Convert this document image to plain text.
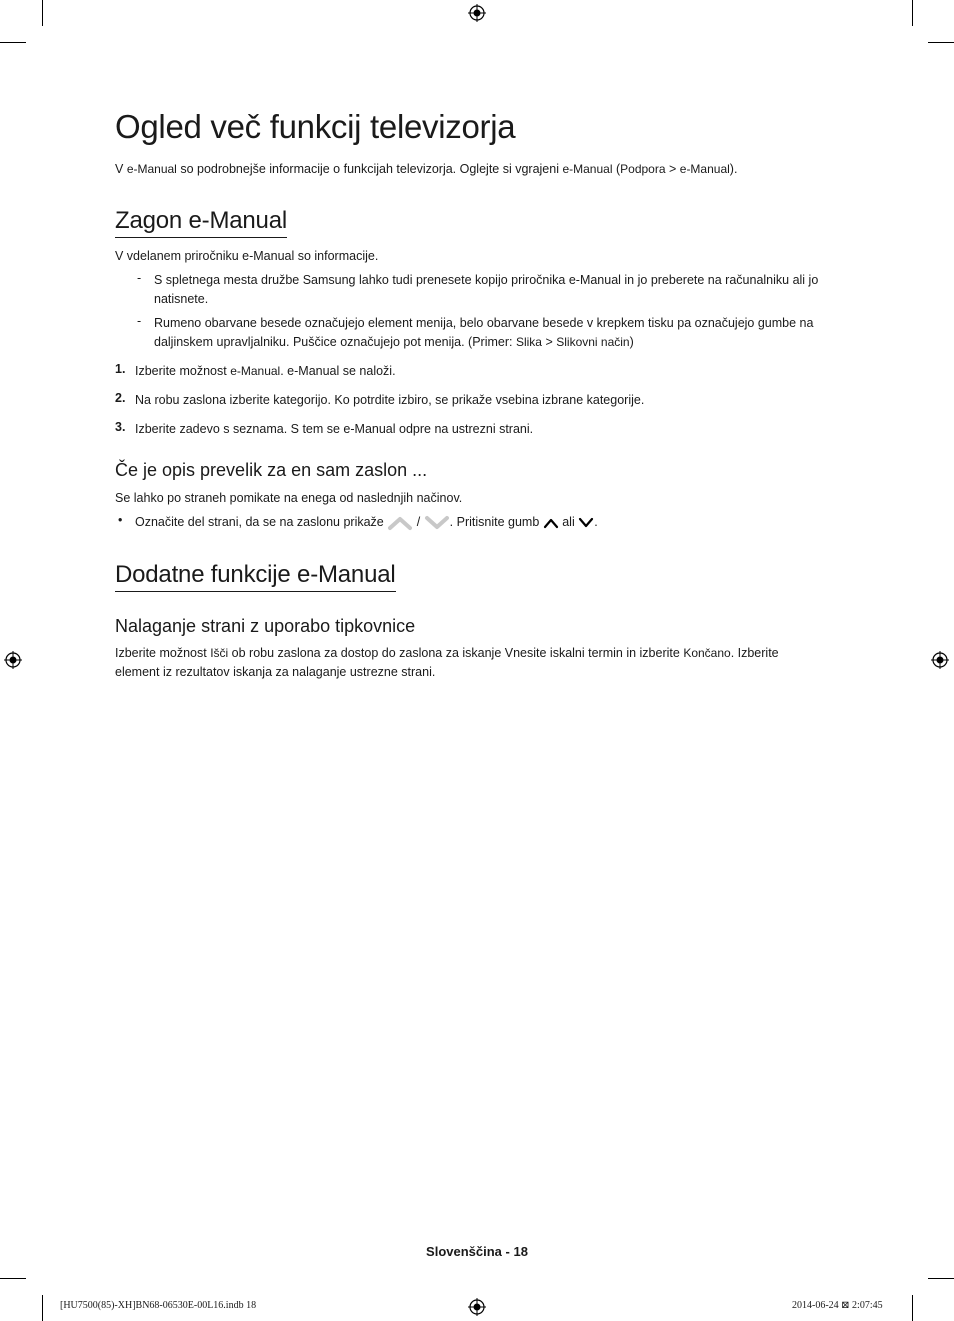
Ogled več funkcij televizorja
V e-Manual so podrobnejše informacije o funkcijah televizorja. Oglejte si vgrajeni e-Manual (Podpora > e-Manual).
Zagon e-Manual
V vdelanem priročniku e-Manual so informacije.
- S spletnega mesta družbe Samsung lahko tudi prenesete kopijo priročnika e-Manual in jo preberete na računalniku ali jo natisnete.
- Rumeno obarvane besede označujejo element menija, belo obarvane besede v krepkem tisku pa označujejo gumbe na daljinskem upravljalniku. Puščice označujejo pot menija. (Primer: Slika > Slikovni način)
1. Izberite možnost e-Manual. e-Manual se naloži.
2. Na robu zaslona izberite kategorijo. Ko potrdite izbiro, se prikaže vsebina izbrane kategorije.
3. Izberite zadevo s seznama. S tem se e-Manual odpre na ustrezni strani.
Če je opis prevelik za en sam zaslon ...
Se lahko po straneh pomikate na enega od naslednjih načinov.
• Označite del strani, da se na zaslonu prikaže  / . Pritisnite gumb  ali .
Dodatne funkcije e-Manual
Nalaganje strani z uporabo tipkovnice
Izberite možnost Išči ob robu zaslona za dostop do zaslona za iskanje Vnesite iskalni termin in izberite Končano. Izberite element iz rezultatov iskanja za nalaganje ustrezne strani.
Slovenščina - 18
[HU7500(85)-XH]BN68-06530E-00L16.indb 18	2014-06-24 ⊠ 2:07:45
